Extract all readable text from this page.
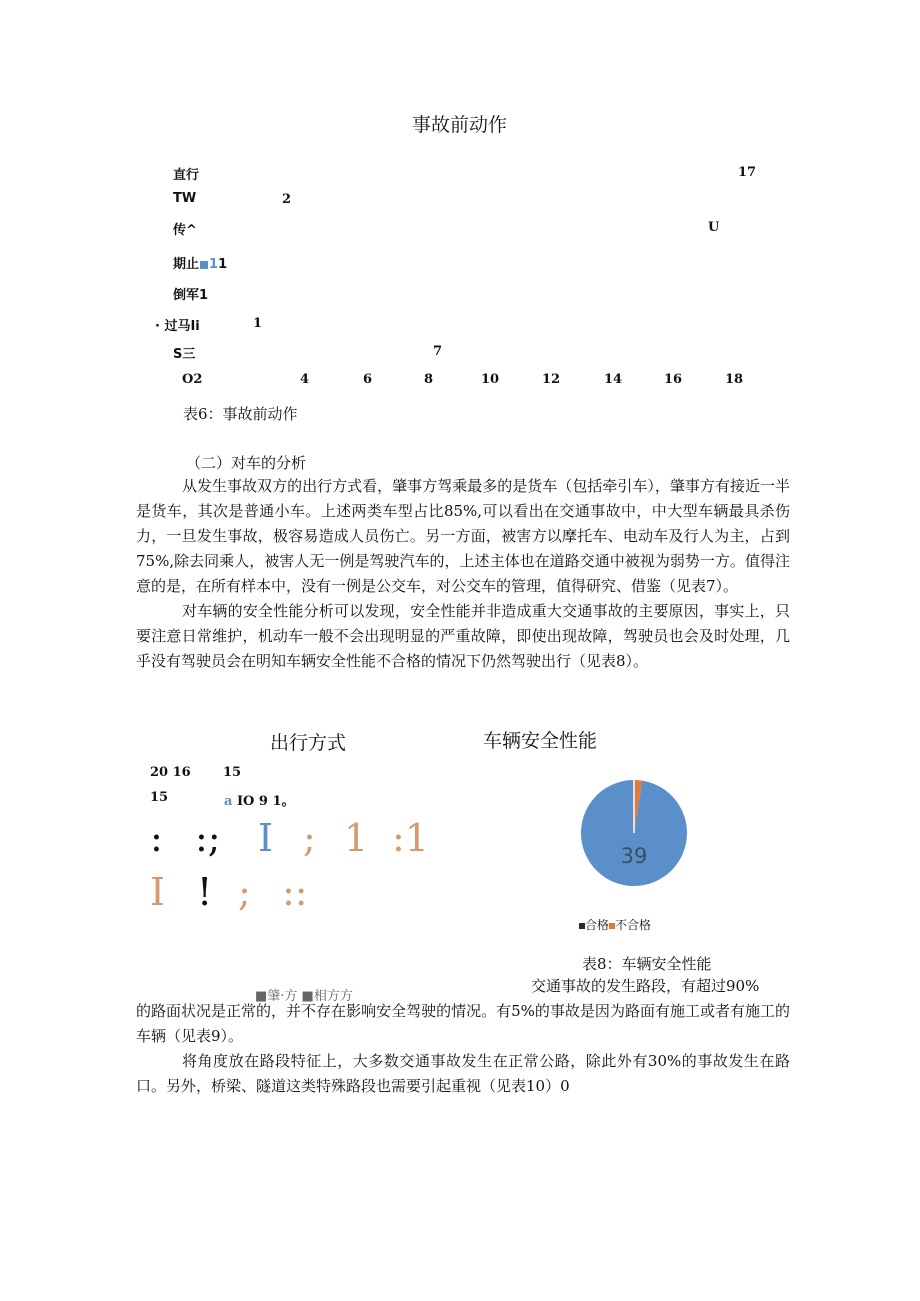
事故前动作
直行	17
TW	2
传^	U
期止 11
倒军1
· 过马Ii	1
S三	7
O2	4	6	8	10	12	14	16	18
表6：事故前动作
（二）对车的分析

从发生事故双方的出行方式看，肇事方驾乘最多的是货车（包括牵引车），肇事方有接近一半是货车，其次是普通小车。上述两类车型占比85%,可以看出在交通事故中，中大型车辆最具杀伤力，一旦发生事故，极容易造成人员伤亡。另一方面，被害方以摩托车、电动车及行人为主，占到75%,除去同乘人，被害人无一例是驾驶汽车的，上述主体也在道路交通中被视为弱势一方。值得注意的是，在所有样本中，没有一例是公交车，对公交车的管理，值得研究、借鉴（见表7）。

对车辆的安全性能分析可以发现，安全性能并非造成重大交通事故的主要原因，事实上，只要注意日常维护，机动车一般不会出现明显的严重故障，即使出现故障，驾驶员也会及时处理，几乎没有驾驶员会在明知车辆安全性能不合格的情况下仍然驾驶出行（见表8）。

出行方式
20 16 15
15	a IO 9 1。
: :; I ; 1 :1
I ! ; ::
■肇·方 ■相方方
车辆安全性能
39
合格 不合格
表8：车辆安全性能
交通事故的发生路段，有超过90%

的路面状况是正常的，并不存在影响安全驾驶的情况。有5%的事故是因为路面有施工或者有施工的车辆（见表9）。

将角度放在路段特征上，大多数交通事故发生在正常公路，除此外有30%的事故发生在路口。另外，桥梁、隧道这类特殊路段也需要引起重视（见表10）0
